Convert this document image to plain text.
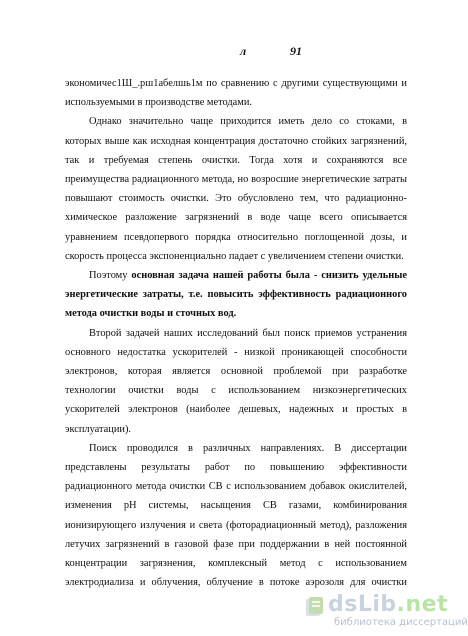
л	91

экономичес1Ш_.рш1абелшь1м по сравнению с другими существующими и используемыми в производстве методами.

Однако значительно чаще приходится иметь дело со стоками, в которых выше как исходная концентрация достаточно стойких загрязнений, так и требуемая степень очистки. Тогда хотя и сохраняются все преимущества радиационного метода, но возросшие энергетические затраты повышают стоимость очистки. Это обусловлено тем, что радиационно-химическое разложение загрязнений в воде чаще всего описывается уравнением псевдопервого порядка относительно поглощенной дозы, и скорость процесса экспоненциально падает с увеличением степени очистки.

Поэтому основная задача нашей работы была - снизить удельные энергетические затраты, т.е. повысить эффективность радиационного метода очистки воды и сточных вод.

Второй задачей наших исследований был поиск приемов устранения основного недостатка ускорителей - низкой проникающей способности электронов, которая является основной проблемой при разработке технологии очистки воды с использованием низкоэнергетических ускорителей электронов (наиболее дешевых, надежных и простых в эксплуатации).

Поиск проводился в различных направлениях. В диссертации представлены результаты работ по повышению эффективности радиационного метода очистки СВ с использованием добавок окислителей, изменения рН системы, насыщения СВ газами, комбинирования ионизирующего излучения и света (фоторадиационный метод), разложения летучих загрязнений в газовой фазе при поддержании в ней постоянной концентрации загрязнения, комплексный метод с использованием электродиализа и облучения, облучение в потоке аэрозоля для очистки

dsLib.net
библиотека диссертаций
